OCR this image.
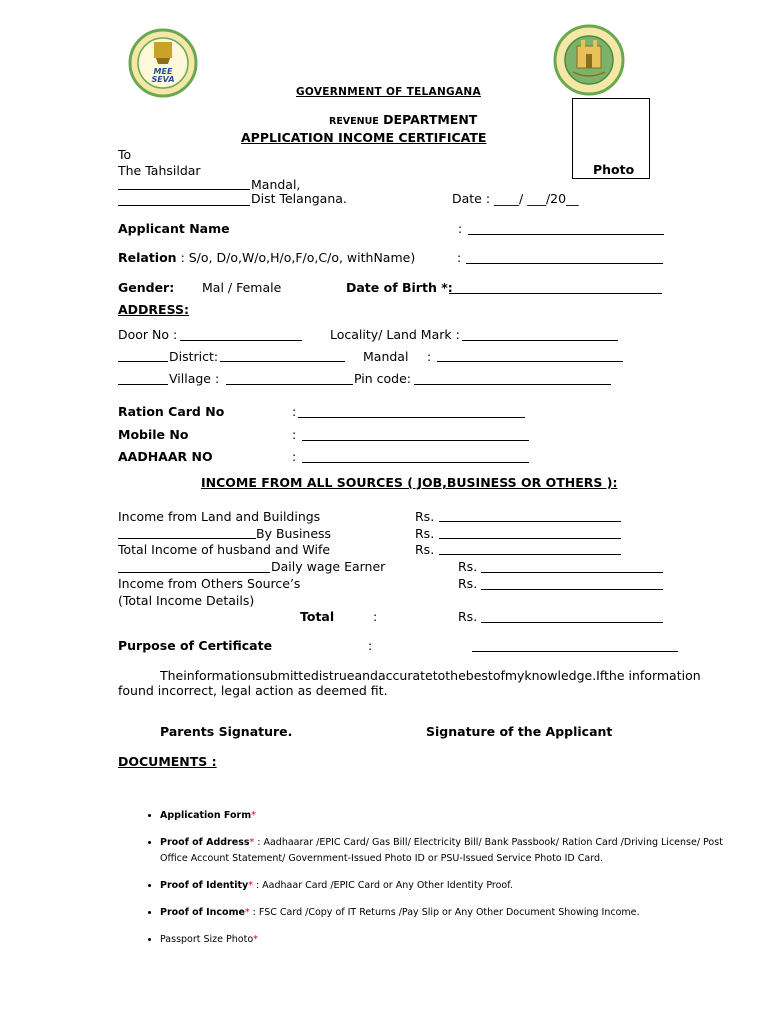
MEE
SEVA
GOVERNMENT OF TELANGANA
REVENUE DEPARTMENT
APPLICATION INCOME CERTIFICATE
Photo
To
The Tahsildar
Mandal,
Dist Telangana.	Date : ____/ ___/20__
Applicant Name	:
Relation : S/o, D/o,W/o,H/o,F/o,C/o, withName)	:
Gender: Mal / Female	Date of Birth *:
ADDRESS:
Door No :	Locality/ Land Mark :
District:	Mandal :
Village :	Pin code:
Ration Card No	:
Mobile No	:
AADHAAR NO	:
INCOME FROM ALL SOURCES ( JOB,BUSINESS OR OTHERS ):
Income from Land and Buildings	Rs.
By Business	Rs.
Total Income of husband and Wife	Rs.
Daily wage Earner	Rs.
Income from Others Source’s	Rs.
(Total Income Details)
Total	:	Rs.
Purpose of Certificate	:
Theinformationsubmittedistrueandaccuratetothebestofmyknowledge.Ifthe information
found incorrect, legal action as deemed fit.
Parents Signature.	Signature of the Applicant
DOCUMENTS :
• Application Form*
• Proof of Address* : Aadhaarar /EPIC Card/ Gas Bill/ Electricity Bill/ Bank Passbook/ Ration Card /Driving License/ Post Office Account Statement/ Government-Issued Photo ID or PSU-Issued Service Photo ID Card.
• Proof of Identity* : Aadhaar Card /EPIC Card or Any Other Identity Proof.
• Proof of Income* : FSC Card /Copy of IT Returns /Pay Slip or Any Other Document Showing Income.
• Passport Size Photo*
